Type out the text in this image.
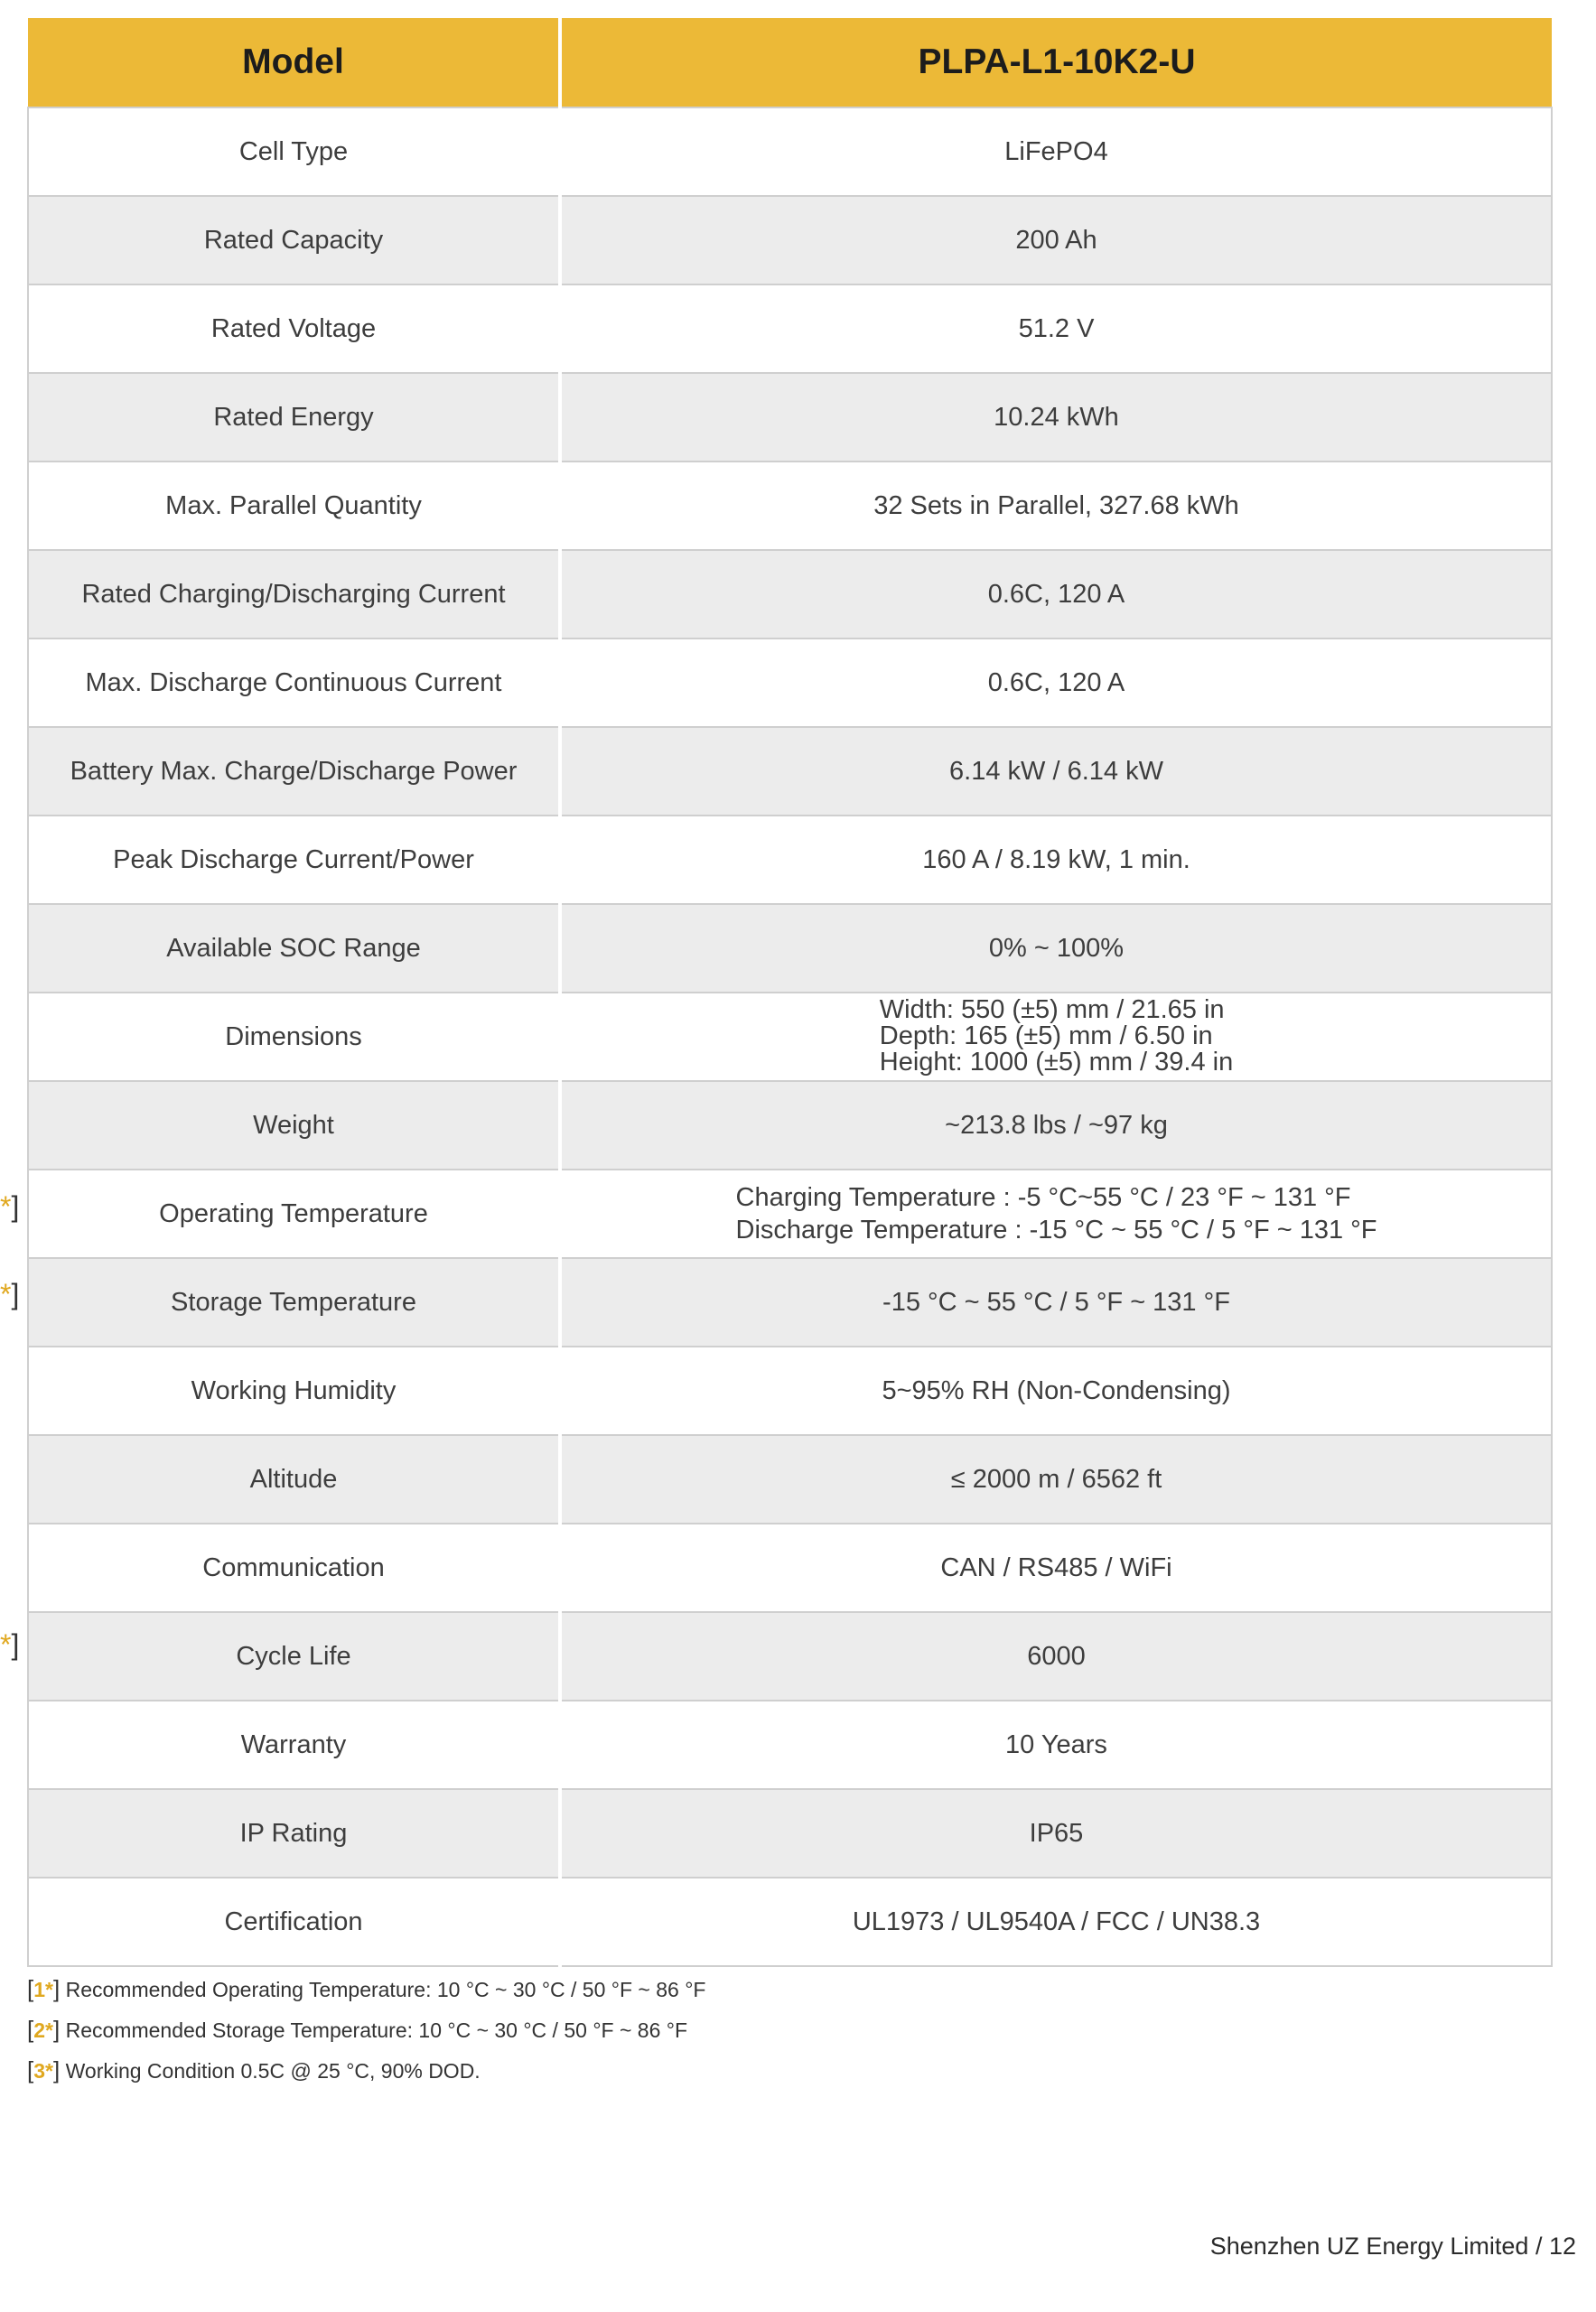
Model	PLPA-L1-10K2-U
Cell Type	LiFePO4
Rated Capacity	200 Ah
Rated Voltage	51.2 V
Rated Energy	10.24 kWh
Max. Parallel Quantity	32 Sets in Parallel, 327.68 kWh
Rated Charging/Discharging Current	0.6C, 120 A
Max. Discharge Continuous Current	0.6C, 120 A
Battery Max. Charge/Discharge Power	6.14 kW / 6.14 kW
Peak Discharge Current/Power	160 A / 8.19 kW, 1 min.
Available SOC Range	0% ~ 100%
Dimensions	Width: 550 (±5) mm / 21.65 in
Depth: 165 (±5) mm / 6.50 in
Height: 1000 (±5) mm / 39.4 in

Weight	~213.8 lbs / ~97 kg
Operating Temperature	Charging Temperature : -5 °C~55 °C / 23 °F ~ 131 °F
Discharge Temperature : -15 °C ~ 55 °C / 5 °F ~ 131 °F

Storage Temperature	-15 °C ~ 55 °C / 5 °F ~ 131 °F
Working Humidity	5~95% RH (Non-Condensing)
Altitude	≤ 2000 m / 6562 ft
Communication	CAN / RS485 / WiFi
Cycle Life	6000
Warranty	10 Years
IP Rating	IP65
Certification	UL1973 / UL9540A / FCC / UN38.3
*]
*]
*]
[1*] Recommended Operating Temperature: 10 °C ~ 30 °C / 50 °F ~ 86 °F
[2*] Recommended Storage Temperature: 10 °C ~ 30 °C / 50 °F ~ 86 °F
[3*] Working Condition 0.5C @ 25 °C, 90% DOD.
Shenzhen UZ Energy Limited / 12
